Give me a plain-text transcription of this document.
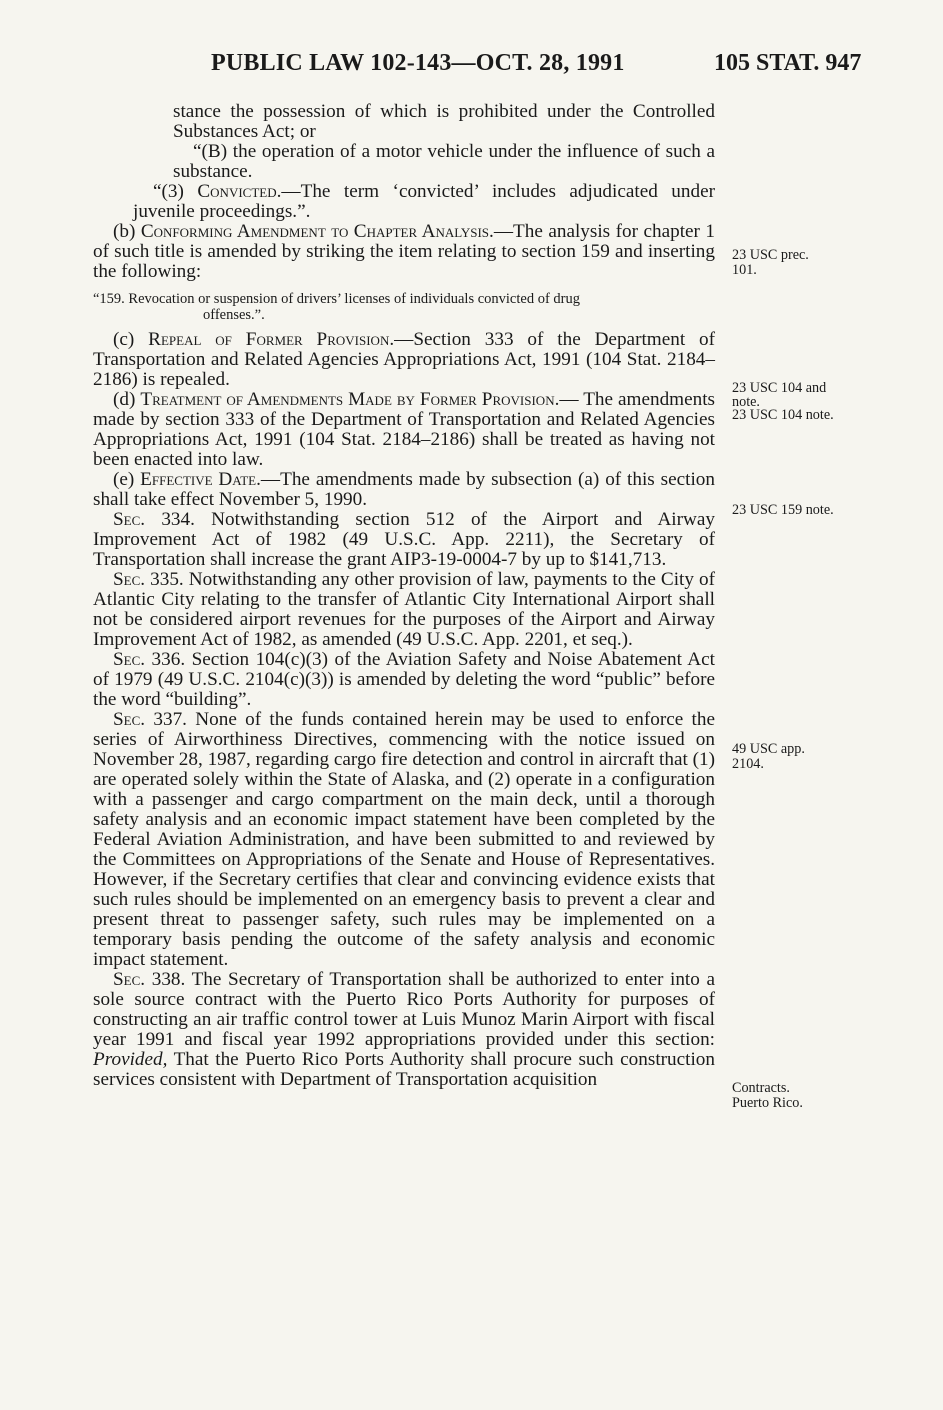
PUBLIC LAW 102-143—OCT. 28, 1991	105 STAT. 947

stance the possession of which is prohibited under the Controlled Substances Act; or

“(B) the operation of a motor vehicle under the influence of such a substance.

“(3) Convicted.—The term ‘convicted’ includes adjudicated under juvenile proceedings.”.

(b) Conforming Amendment to Chapter Analysis.—The analysis for chapter 1 of such title is amended by striking the item relating to section 159 and inserting the following:

“159. Revocation or suspension of drivers’ licenses of individuals convicted of drug
offenses.”.

(c) Repeal of Former Provision.—Section 333 of the Department of Transportation and Related Agencies Appropriations Act, 1991 (104 Stat. 2184–2186) is repealed.

(d) Treatment of Amendments Made by Former Provision.— The amendments made by section 333 of the Department of Transportation and Related Agencies Appropriations Act, 1991 (104 Stat. 2184–2186) shall be treated as having not been enacted into law.

(e) Effective Date.—The amendments made by subsection (a) of this section shall take effect November 5, 1990.

Sec. 334. Notwithstanding section 512 of the Airport and Airway Improvement Act of 1982 (49 U.S.C. App. 2211), the Secretary of Transportation shall increase the grant AIP3-19-0004-7 by up to $141,713.

Sec. 335. Notwithstanding any other provision of law, payments to the City of Atlantic City relating to the transfer of Atlantic City International Airport shall not be considered airport revenues for the purposes of the Airport and Airway Improvement Act of 1982, as amended (49 U.S.C. App. 2201, et seq.).

Sec. 336. Section 104(c)(3) of the Aviation Safety and Noise Abatement Act of 1979 (49 U.S.C. 2104(c)(3)) is amended by deleting the word “public” before the word “building”.

Sec. 337. None of the funds contained herein may be used to enforce the series of Airworthiness Directives, commencing with the notice issued on November 28, 1987, regarding cargo fire detection and control in aircraft that (1) are operated solely within the State of Alaska, and (2) operate in a configuration with a passenger and cargo compartment on the main deck, until a thorough safety analysis and an economic impact statement have been completed by the Federal Aviation Administration, and have been submitted to and reviewed by the Committees on Appropriations of the Senate and House of Representatives. However, if the Secretary certifies that clear and convincing evidence exists that such rules should be implemented on an emergency basis to prevent a clear and present threat to passenger safety, such rules may be implemented on a temporary basis pending the outcome of the safety analysis and economic impact statement.

Sec. 338. The Secretary of Transportation shall be authorized to enter into a sole source contract with the Puerto Rico Ports Authority for purposes of constructing an air traffic control tower at Luis Munoz Marin Airport with fiscal year 1991 and fiscal year 1992 appropriations provided under this section: Provided, That the Puerto Rico Ports Authority shall procure such construction services consistent with Department of Transportation acquisition

23 USC prec.
101.
23 USC 104 and
note.
23 USC 104 note.
23 USC 159 note.
49 USC app.
2104.
Contracts.
Puerto Rico.
